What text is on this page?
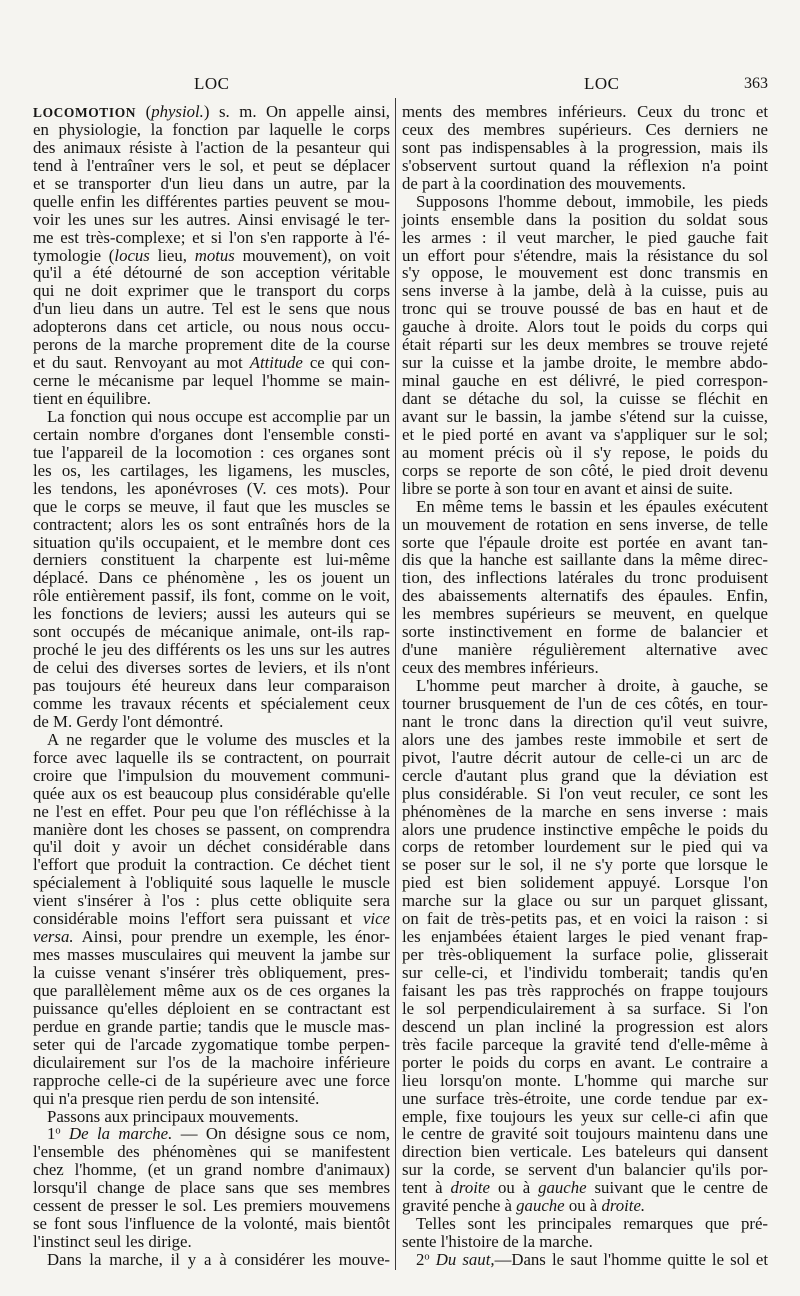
LOC	LOC	363
LOCOMOTION (physiol.) s. m. On appelle ainsi,
en physiologie, la fonction par laquelle le corps
des animaux résiste à l'action de la pesanteur qui
tend à l'entraîner vers le sol, et peut se déplacer
et se transporter d'un lieu dans un autre, par la
quelle enfin les différentes parties peuvent se mou-
voir les unes sur les autres. Ainsi envisagé le ter-
me est très-complexe; et si l'on s'en rapporte à l'é-
tymologie (locus lieu, motus mouvement), on voit
qu'il a été détourné de son acception véritable
qui ne doit exprimer que le transport du corps
d'un lieu dans un autre. Tel est le sens que nous
adopterons dans cet article, ou nous nous occu-
perons de la marche proprement dite de la course
et du saut. Renvoyant au mot Attitude ce qui con-
cerne le mécanisme par lequel l'homme se main-
tient en équilibre.
La fonction qui nous occupe est accomplie par un
certain nombre d'organes dont l'ensemble consti-
tue l'appareil de la locomotion : ces organes sont
les os, les cartilages, les ligamens, les muscles,
les tendons, les aponévroses (V. ces mots). Pour
que le corps se meuve, il faut que les muscles se
contractent; alors les os sont entraînés hors de la
situation qu'ils occupaient, et le membre dont ces
derniers constituent la charpente est lui-même
déplacé. Dans ce phénomène , les os jouent un
rôle entièrement passif, ils font, comme on le voit,
les fonctions de leviers; aussi les auteurs qui se
sont occupés de mécanique animale, ont-ils rap-
proché le jeu des différents os les uns sur les autres
de celui des diverses sortes de leviers, et ils n'ont
pas toujours été heureux dans leur comparaison
comme les travaux récents et spécialement ceux
de M. Gerdy l'ont démontré.
A ne regarder que le volume des muscles et la
force avec laquelle ils se contractent, on pourrait
croire que l'impulsion du mouvement communi-
quée aux os est beaucoup plus considérable qu'elle
ne l'est en effet. Pour peu que l'on réfléchisse à la
manière dont les choses se passent, on comprendra
qu'il doit y avoir un déchet considérable dans
l'effort que produit la contraction. Ce déchet tient
spécialement à l'obliquité sous laquelle le muscle
vient s'insérer à l'os : plus cette obliquite sera
considérable moins l'effort sera puissant et vice
versa. Ainsi, pour prendre un exemple, les énor-
mes masses musculaires qui meuvent la jambe sur
la cuisse venant s'insérer très obliquement, pres-
que parallèlement même aux os de ces organes la
puissance qu'elles déploient en se contractant est
perdue en grande partie; tandis que le muscle mas-
seter qui de l'arcade zygomatique tombe perpen-
diculairement sur l'os de la machoire inférieure
rapproche celle-ci de la supérieure avec une force
qui n'a presque rien perdu de son intensité.
Passons aux principaux mouvements.
1$^o$ De la marche. — On désigne sous ce nom,
l'ensemble des phénomènes qui se manifestent
chez l'homme, (et un grand nombre d'animaux)
lorsqu'il change de place sans que ses membres
cessent de presser le sol. Les premiers mouvemens
se font sous l'influence de la volonté, mais bientôt
l'instinct seul les dirige.
Dans la marche, il y a à considérer les mouve-
ments des membres inférieurs. Ceux du tronc et
ceux des membres supérieurs. Ces derniers ne
sont pas indispensables à la progression, mais ils
s'observent surtout quand la réflexion n'a point
de part à la coordination des mouvements.
Supposons l'homme debout, immobile, les pieds
joints ensemble dans la position du soldat sous
les armes : il veut marcher, le pied gauche fait
un effort pour s'étendre, mais la résistance du sol
s'y oppose, le mouvement est donc transmis en
sens inverse à la jambe, delà à la cuisse, puis au
tronc qui se trouve poussé de bas en haut et de
gauche à droite. Alors tout le poids du corps qui
était réparti sur les deux membres se trouve rejeté
sur la cuisse et la jambe droite, le membre abdo-
minal gauche en est délivré, le pied correspon-
dant se détache du sol, la cuisse se fléchit en
avant sur le bassin, la jambe s'étend sur la cuisse,
et le pied porté en avant va s'appliquer sur le sol;
au moment précis où il s'y repose, le poids du
corps se reporte de son côté, le pied droit devenu
libre se porte à son tour en avant et ainsi de suite.
En même tems le bassin et les épaules exécutent
un mouvement de rotation en sens inverse, de telle
sorte que l'épaule droite est portée en avant tan-
dis que la hanche est saillante dans la même direc-
tion, des inflections latérales du tronc produisent
des abaissements alternatifs des épaules. Enfin,
les membres supérieurs se meuvent, en quelque
sorte instinctivement en forme de balancier et
d'une manière régulièrement alternative avec
ceux des membres inférieurs.
L'homme peut marcher à droite, à gauche, se
tourner brusquement de l'un de ces côtés, en tour-
nant le tronc dans la direction qu'il veut suivre,
alors une des jambes reste immobile et sert de
pivot, l'autre décrit autour de celle-ci un arc de
cercle d'autant plus grand que la déviation est
plus considérable. Si l'on veut reculer, ce sont les
phénomènes de la marche en sens inverse : mais
alors une prudence instinctive empêche le poids du
corps de retomber lourdement sur le pied qui va
se poser sur le sol, il ne s'y porte que lorsque le
pied est bien solidement appuyé. Lorsque l'on
marche sur la glace ou sur un parquet glissant,
on fait de très-petits pas, et en voici la raison : si
les enjambées étaient larges le pied venant frap-
per très-obliquement la surface polie, glisserait
sur celle-ci, et l'individu tomberait; tandis qu'en
faisant les pas très rapprochés on frappe toujours
le sol perpendiculairement à sa surface. Si l'on
descend un plan incliné la progression est alors
très facile parceque la gravité tend d'elle-même à
porter le poids du corps en avant. Le contraire a
lieu lorsqu'on monte. L'homme qui marche sur
une surface très-étroite, une corde tendue par ex-
emple, fixe toujours les yeux sur celle-ci afin que
le centre de gravité soit toujours maintenu dans une
direction bien verticale. Les bateleurs qui dansent
sur la corde, se servent d'un balancier qu'ils por-
tent à droite ou à gauche suivant que le centre de
gravité penche à gauche ou à droite.
Telles sont les principales remarques que pré-
sente l'histoire de la marche.
2$^o$ Du saut,—Dans le saut l'homme quitte le sol et
